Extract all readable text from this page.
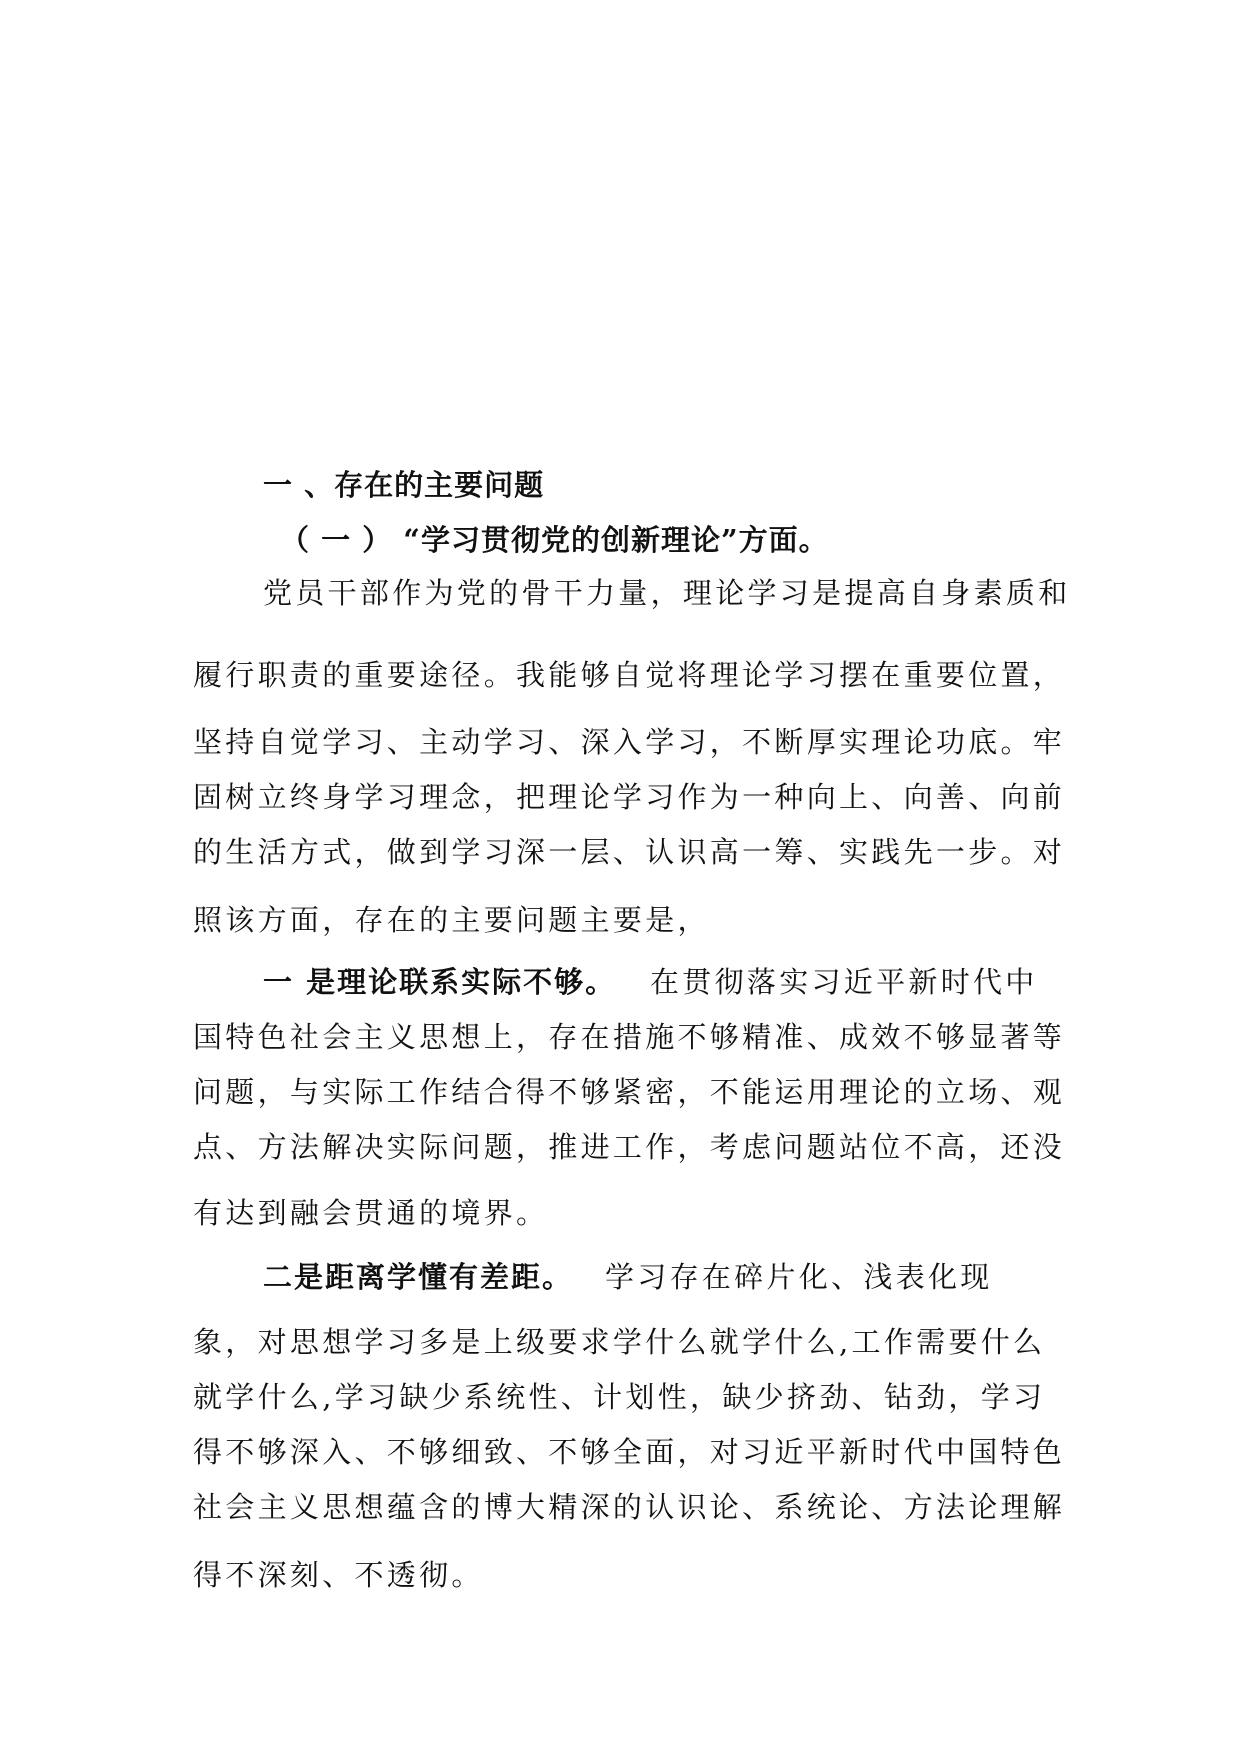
一 、存在的主要问题
（ 一 ） “学习贯彻党的创新理论”方面。
党员干部作为党的骨干力量，理论学习是提高自身素质和
履行职责的重要途径。我能够自觉将理论学习摆在重要位置，
坚持自觉学习、主动学习、深入学习，不断厚实理论功底。牢
固树立终身学习理念，把理论学习作为一种向上、向善、向前
的生活方式，做到学习深一层、认识高一筹、实践先一步。对
照该方面，存在的主要问题主要是，
一 是理论联系实际不够。 在贯彻落实习近平新时代中
国特色社会主义思想上，存在措施不够精准、成效不够显著等
问题，与实际工作结合得不够紧密，不能运用理论的立场、观
点、方法解决实际问题，推进工作，考虑问题站位不高，还没
有达到融会贯通的境界。
二是距离学懂有差距。 学习存在碎片化、浅表化现
象，对思想学习多是上级要求学什么就学什么,工作需要什么
就学什么,学习缺少系统性、计划性，缺少挤劲、钻劲，学习
得不够深入、不够细致、不够全面，对习近平新时代中国特色
社会主义思想蕴含的博大精深的认识论、系统论、方法论理解
得不深刻、不透彻。
